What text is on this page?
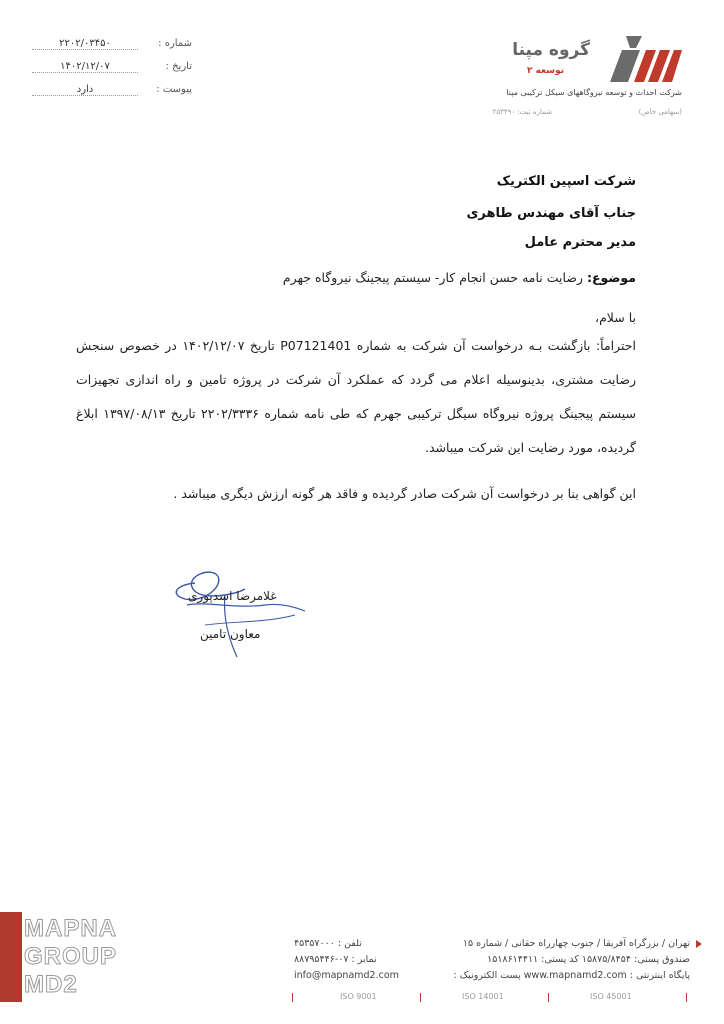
شماره :
۲۲۰۲/۰۳۴۵۰
تاریخ :
۱۴۰۲/۱۲/۰۷
پیوست :
دارد
گروه مپنا
توسعه ۲
شرکت احداث و توسعه نیروگاههای سیکل ترکیبی مپنا
شماره ثبت: ۲۵۳۴۹۰	(سهامی خاص)
شرکت اسپین الکتریک
جناب آقای مهندس طاهری
مدیر محترم عامل
موضوع: رضایت نامه حسن انجام کار- سیستم پیجینگ نیروگاه جهرم
با سلام،
احتراماً: بازگشت بـه درخواست آن شرکت به شماره P07121401 تاریخ ۱۴۰۲/۱۲/۰۷ در خصوص سنجش رضایت مشتری، بدینوسیله اعلام می گردد که عملکرد آن شرکت در پروژه تامین و راه اندازی تجهیزات سیستم پیجینگ پروژه نیروگاه سیگل ترکیبی جهرم که طی نامه شماره ۲۲۰۲/۳۳۳۶ تاریخ ۱۳۹۷/۰۸/۱۳ ابلاغ گردیده، مورد رضایت این شرکت میباشد.
این گواهی بنا بر درخواست آن شرکت صادر گردیده و فاقد هر گونه ارزش دیگری میباشد .
غلامرضا اسدپوری
معاون تامین
MAPNA
GROUP
MD2
تهران / بزرگراه آفریقا / جنوب چهارراه حقانی / شماره ۱۵
صندوق پستی: ۱۵۸۷۵/۸۴۵۴ کد پستی: ۱۵۱۸۶۱۴۴۱۱
پایگاه اینترنتی : www.mapnamd2.com پست الکترونیک :
تلفن : ۴۵۳۵۷۰۰۰
نمابر : ۰۷-۸۸۷۹۵۴۴۶
info@mapnamd2.com
ISO 9001	ISO 14001	ISO 45001
